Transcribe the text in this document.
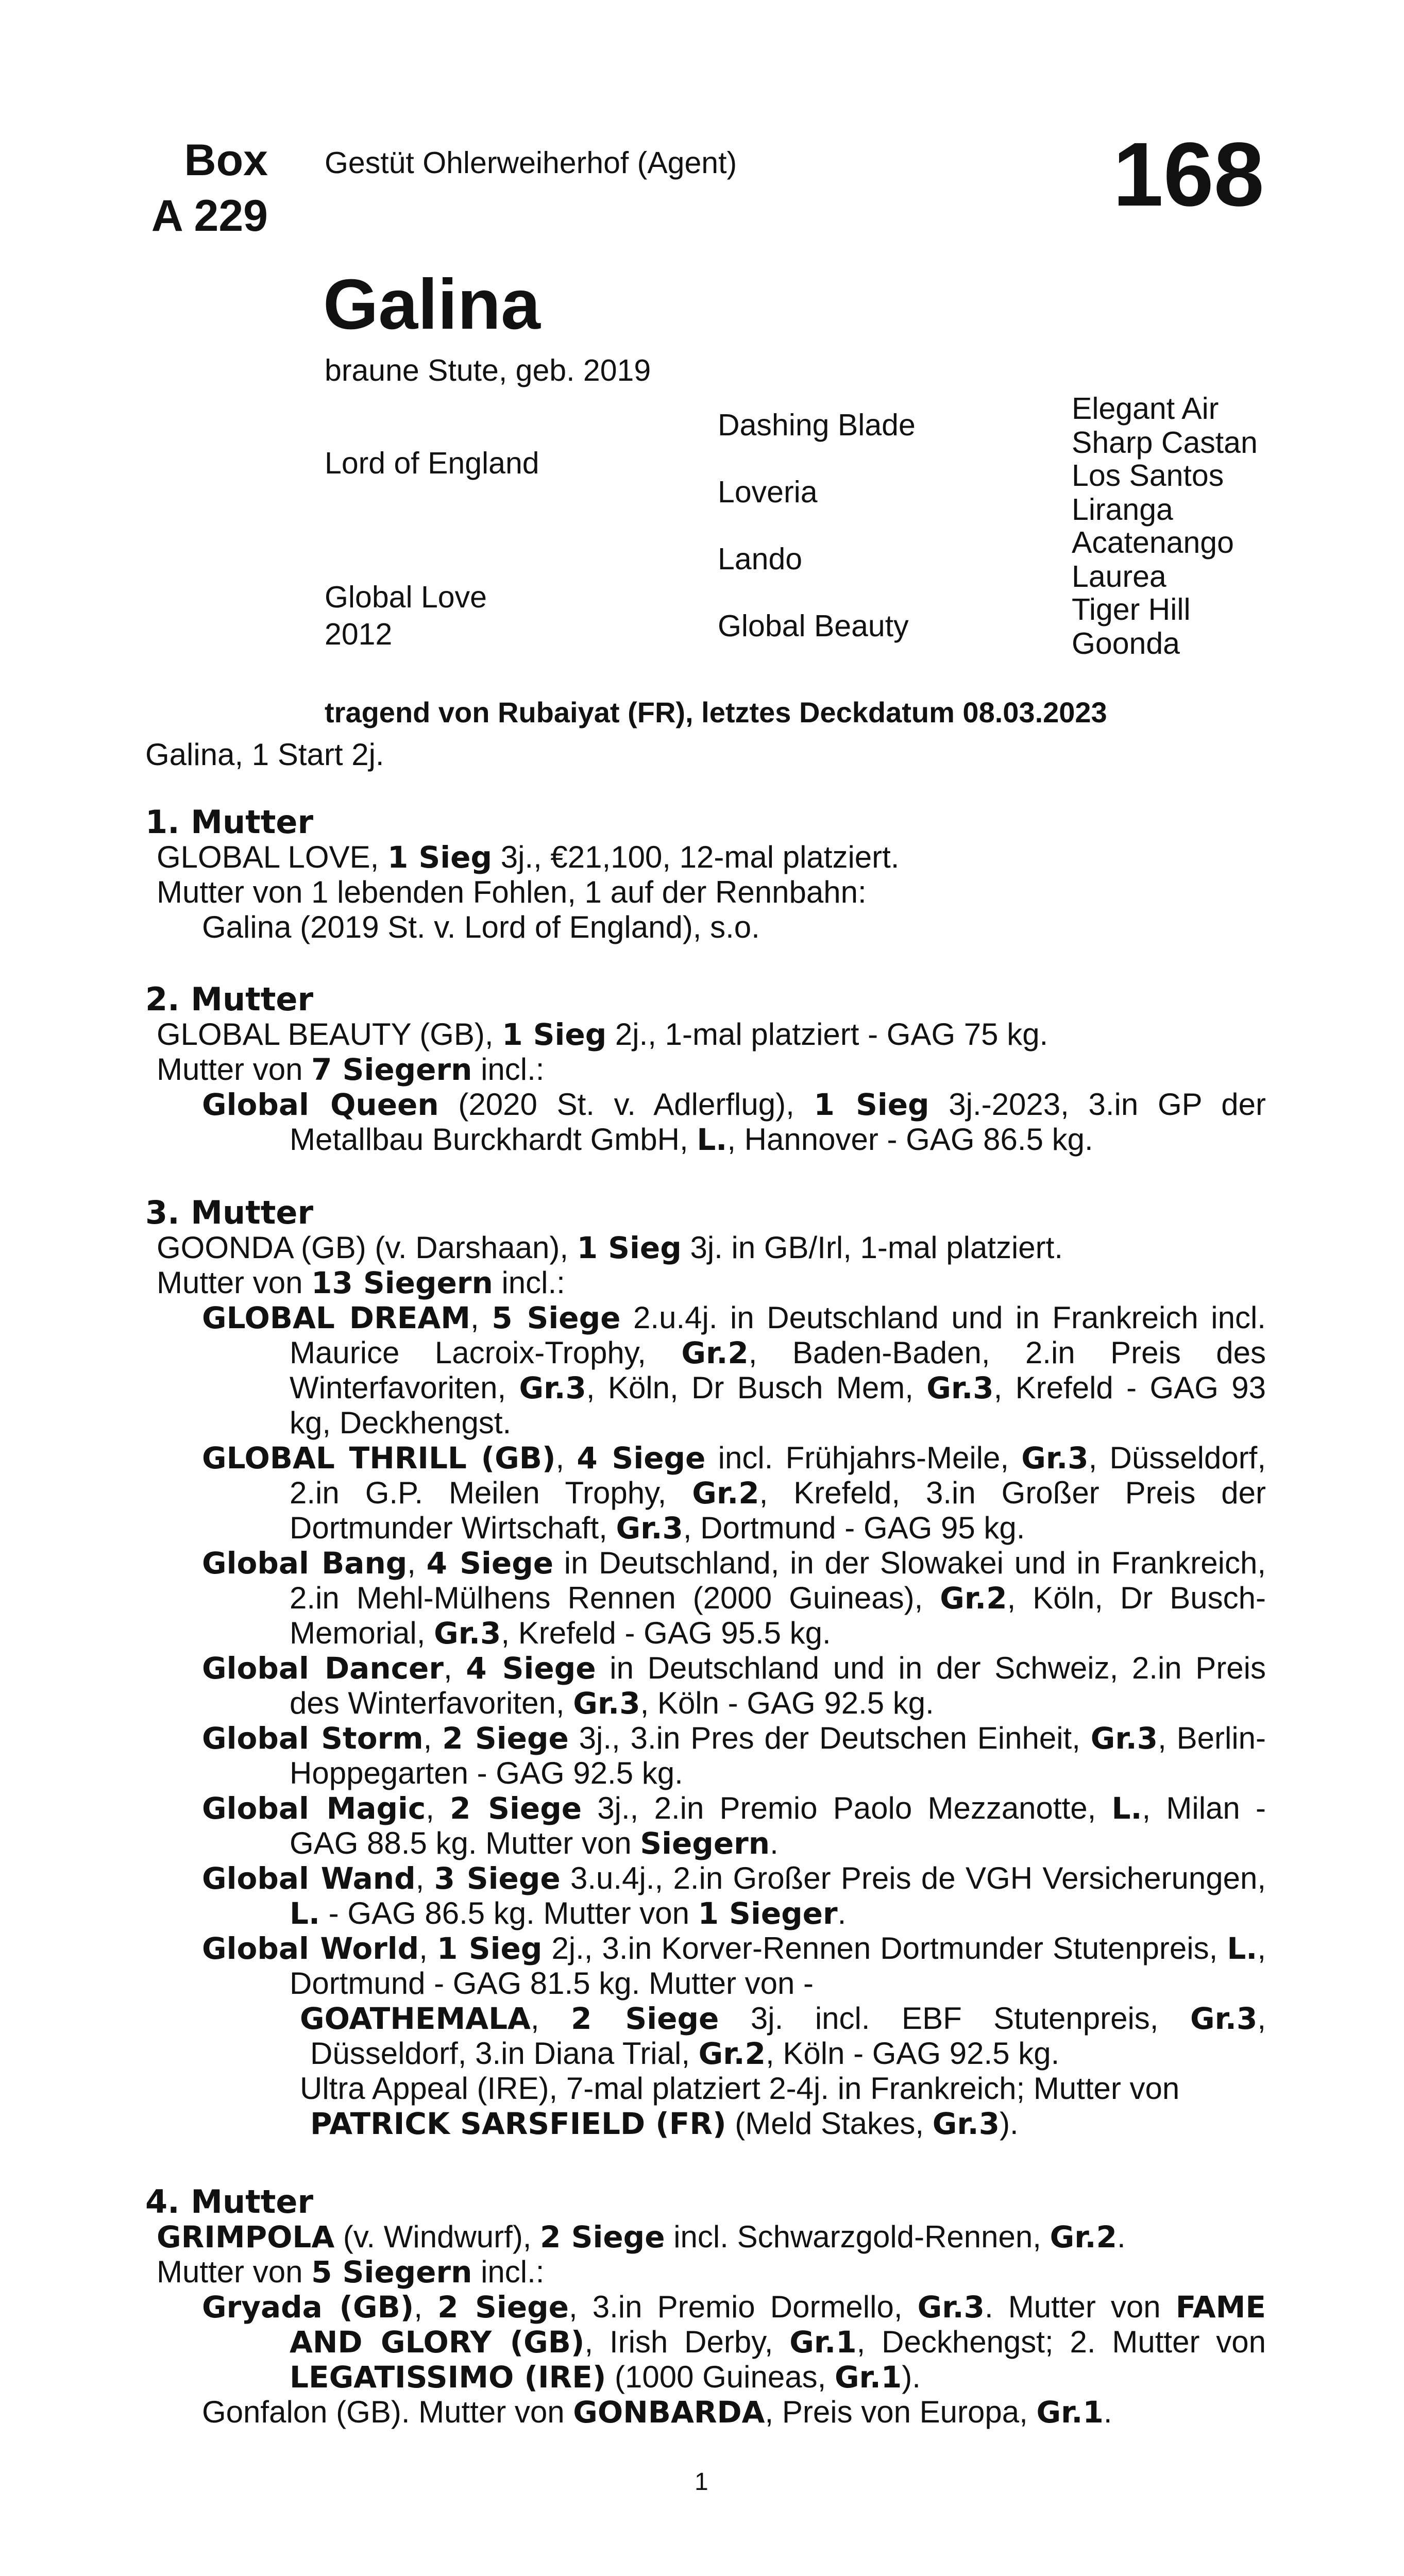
Box
A 229
Gestüt Ohlerweiherhof (Agent)	168
Galina
braune Stute, geb. 2019
Lord of England
Global Love
2012
Dashing Blade
Loveria
Lando
Global Beauty
Elegant Air
Sharp Castan
Los Santos
Liranga
Acatenango
Laurea
Tiger Hill
Goonda
tragend von Rubaiyat (FR), letztes Deckdatum 08.03.2023
Galina, 1 Start 2j.
1. Mutter

GLOBAL LOVE, 1 Sieg 3j., €21,100, 12-mal platziert.

Mutter von 1 lebenden Fohlen, 1 auf der Rennbahn:

Galina (2019 St. v. Lord of England), s.o.

2. Mutter

GLOBAL BEAUTY (GB), 1 Sieg 2j., 1-mal platziert - GAG 75 kg.

Mutter von 7 Siegern incl.:

Global Queen (2020 St. v. Adlerflug), 1 Sieg 3j.-2023, 3.in GP der Metallbau Burckhardt GmbH, L., Hannover - GAG 86.5 kg.

3. Mutter

GOONDA (GB) (v. Darshaan), 1 Sieg 3j. in GB/Irl, 1-mal platziert.

Mutter von 13 Siegern incl.:

GLOBAL DREAM, 5 Siege 2.u.4j. in Deutschland und in Frankreich incl. Maurice Lacroix-Trophy, Gr.2, Baden-Baden, 2.in Preis des Winterfavoriten, Gr.3, Köln, Dr Busch Mem, Gr.3, Krefeld - GAG 93 kg, Deckhengst.

GLOBAL THRILL (GB), 4 Siege incl. Frühjahrs-Meile, Gr.3, Düsseldorf, 2.in G.P. Meilen Trophy, Gr.2, Krefeld, 3.in Großer Preis der Dortmunder Wirtschaft, Gr.3, Dortmund - GAG 95 kg.

Global Bang, 4 Siege in Deutschland, in der Slowakei und in Frankreich, 2.in Mehl-Mülhens Rennen (2000 Guineas), Gr.2, Köln, Dr Busch-Memorial, Gr.3, Krefeld - GAG 95.5 kg.

Global Dancer, 4 Siege in Deutschland und in der Schweiz, 2.in Preis des Winterfavoriten, Gr.3, Köln - GAG 92.5 kg.

Global Storm, 2 Siege 3j., 3.in Pres der Deutschen Einheit, Gr.3, Berlin-Hoppegarten - GAG 92.5 kg.

Global Magic, 2 Siege 3j., 2.in Premio Paolo Mezzanotte, L., Milan - GAG 88.5 kg. Mutter von Siegern.

Global Wand, 3 Siege 3.u.4j., 2.in Großer Preis de VGH Versicherungen, L. - GAG 86.5 kg. Mutter von 1 Sieger.

Global World, 1 Sieg 2j., 3.in Korver-Rennen Dortmunder Stutenpreis, L., Dortmund - GAG 81.5 kg. Mutter von -

GOATHEMALA, 2 Siege 3j. incl. EBF Stutenpreis, Gr.3, Düsseldorf, 3.in Diana Trial, Gr.2, Köln - GAG 92.5 kg.

Ultra Appeal (IRE), 7-mal platziert 2-4j. in Frankreich; Mutter von
PATRICK SARSFIELD (FR) (Meld Stakes, Gr.3).

4. Mutter

GRIMPOLA (v. Windwurf), 2 Siege incl. Schwarzgold-Rennen, Gr.2.

Mutter von 5 Siegern incl.:

Gryada (GB), 2 Siege, 3.in Premio Dormello, Gr.3. Mutter von FAME AND GLORY (GB), Irish Derby, Gr.1, Deckhengst; 2. Mutter von LEGATISSIMO (IRE) (1000 Guineas, Gr.1).

Gonfalon (GB). Mutter von GONBARDA, Preis von Europa, Gr.1.

1
